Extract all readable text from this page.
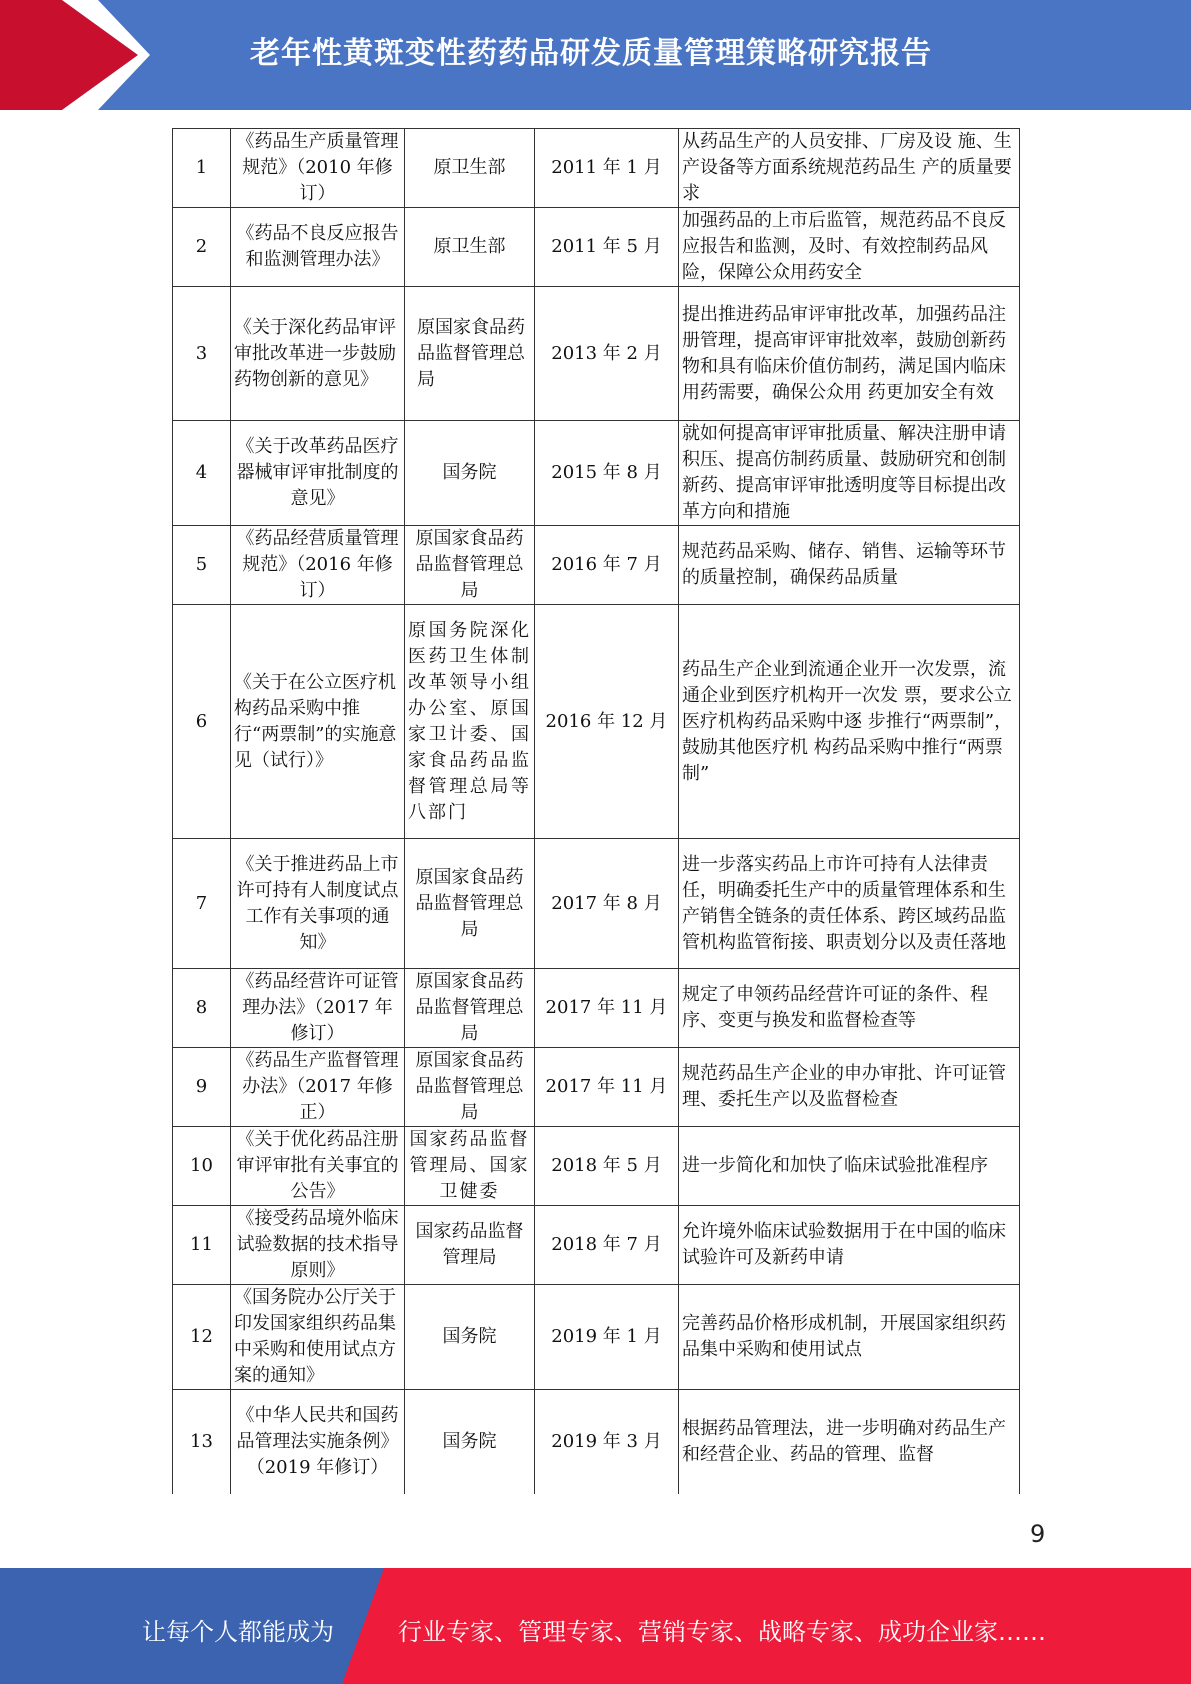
老年性黄斑变性药药品研发质量管理策略研究报告
1	《药品生产质量管理规范》（2010 年修订）	原卫生部	2011 年 1 月	从药品生产的人员安排、厂房及设 施、生产设备等方面系统规范药品生 产的质量要求
2	《药品不良反应报告和监测管理办法》	原卫生部	2011 年 5 月	加强药品的上市后监管，规范药品不良反应报告和监测，及时、有效控制药品风险，保障公众用药安全
3	《关于深化药品审评审批改革进一步鼓励药物创新的意见》	原国家食品药品监督管理总局	2013 年 2 月	提出推进药品审评审批改革，加强药品注册管理，提高审评审批效率，鼓励创新药物和具有临床价值仿制药，满足国内临床用药需要，确保公众用 药更加安全有效
4	《关于改革药品医疗器械审评审批制度的意见》	国务院	2015 年 8 月	就如何提高审评审批质量、解决注册申请积压、提高仿制药质量、鼓励研究和创制新药、提高审评审批透明度等目标提出改革方向和措施
5	《药品经营质量管理规范》（2016 年修订）	原国家食品药品监督管理总局	2016 年 7 月	规范药品采购、储存、销售、运输等环节的质量控制，确保药品质量
6	《关于在公立医疗机构药品采购中推行“两票制”的实施意见（试行）》	原国务院深化医药卫生体制改革领导小组办公室、原国家卫计委、国家食品药品监督管理总局等八部门	2016 年 12 月	药品生产企业到流通企业开一次发票，流通企业到医疗机构开一次发 票，要求公立医疗机构药品采购中逐 步推行“两票制”，鼓励其他医疗机 构药品采购中推行“两票制”
7	《关于推进药品上市许可持有人制度试点工作有关事项的通知》	原国家食品药品监督管理总局	2017 年 8 月	进一步落实药品上市许可持有人法律责任，明确委托生产中的质量管理体系和生产销售全链条的责任体系、跨区域药品监管机构监管衔接、职责划分以及责任落地
8	《药品经营许可证管理办法》（2017 年修订）	原国家食品药品监督管理总局	2017 年 11 月	规定了申领药品经营许可证的条件、程序、变更与换发和监督检查等
9	《药品生产监督管理办法》（2017 年修正）	原国家食品药品监督管理总局	2017 年 11 月	规范药品生产企业的申办审批、许可证管理、委托生产以及监督检查
10	《关于优化药品注册审评审批有关事宜的公告》	国家药品监督管理局、国家卫健委	2018 年 5 月	进一步简化和加快了临床试验批准程序
11	《接受药品境外临床试验数据的技术指导原则》	国家药品监督管理局	2018 年 7 月	允许境外临床试验数据用于在中国的临床试验许可及新药申请
12	《国务院办公厅关于印发国家组织药品集中采购和使用试点方案的通知》	国务院	2019 年 1 月	完善药品价格形成机制，开展国家组织药品集中采购和使用试点
13	《中华人民共和国药品管理法实施条例》（2019 年修订）	国务院	2019 年 3 月	根据药品管理法，进一步明确对药品生产和经营企业、药品的管理、监督
9
让每个人都能成为	行业专家、管理专家、营销专家、战略专家、成功企业家……
